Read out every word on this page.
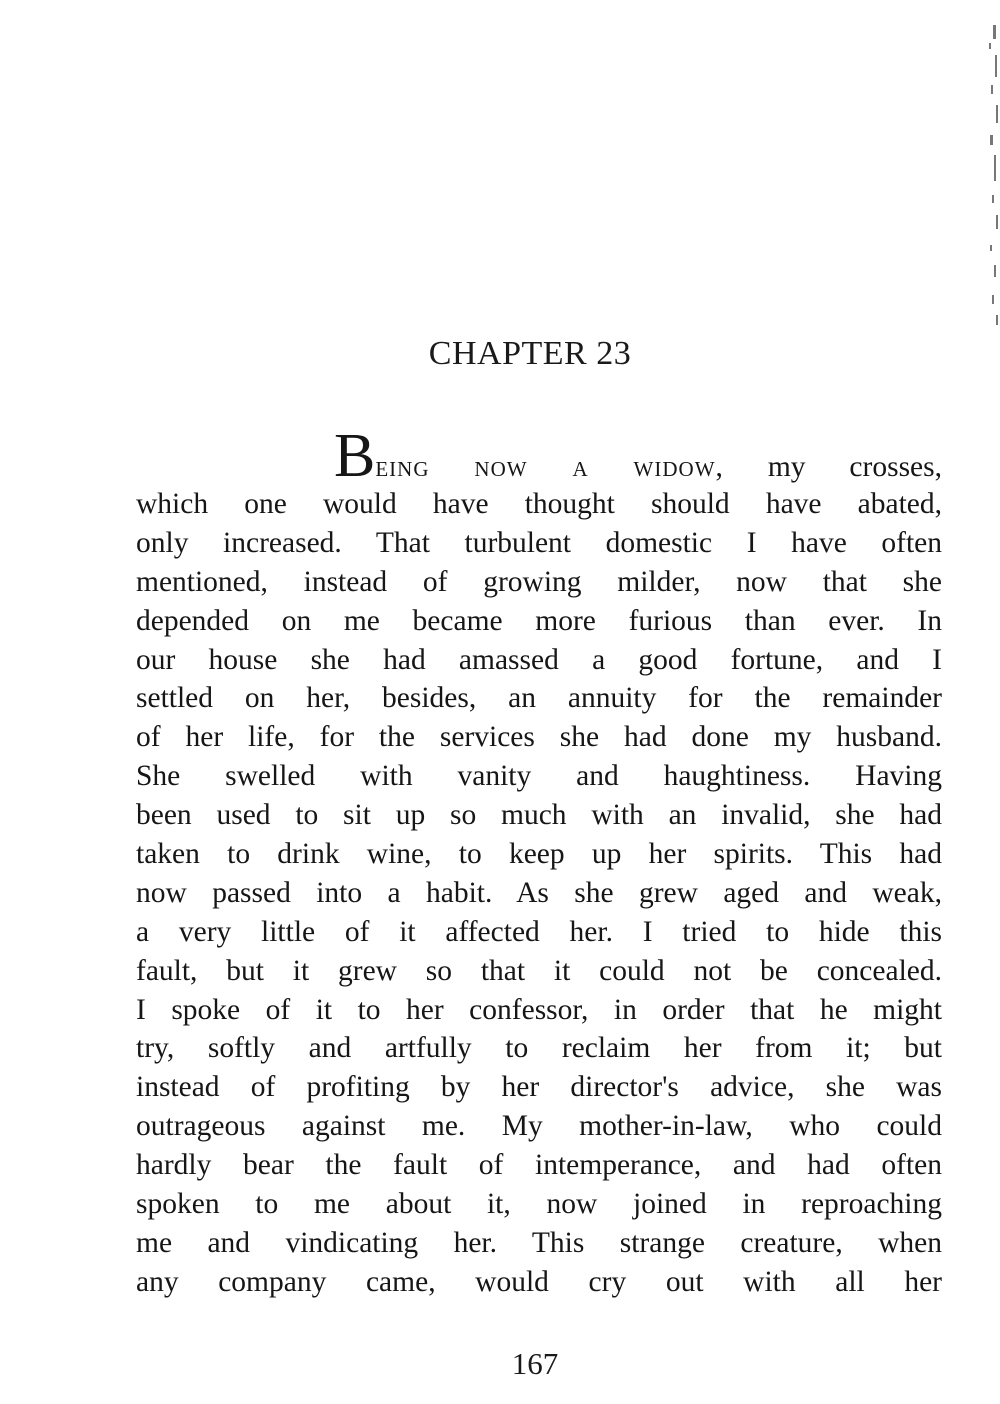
CHAPTER 23
Being now a widow, my crosses,
which one would have thought should have abated,
only increased. That turbulent domestic I have often
mentioned, instead of growing milder, now that she
depended on me became more furious than ever. In
our house she had amassed a good fortune, and I
settled on her, besides, an annuity for the remainder
of her life, for the services she had done my husband.
She swelled with vanity and haughtiness. Having
been used to sit up so much with an invalid, she had
taken to drink wine, to keep up her spirits. This had
now passed into a habit. As she grew aged and weak,
a very little of it affected her. I tried to hide this
fault, but it grew so that it could not be concealed.
I spoke of it to her confessor, in order that he might
try, softly and artfully to reclaim her from it; but
instead of profiting by her director's advice, she was
outrageous against me. My mother-in-law, who could
hardly bear the fault of intemperance, and had often
spoken to me about it, now joined in reproaching
me and vindicating her. This strange creature, when
any company came, would cry out with all her
167
